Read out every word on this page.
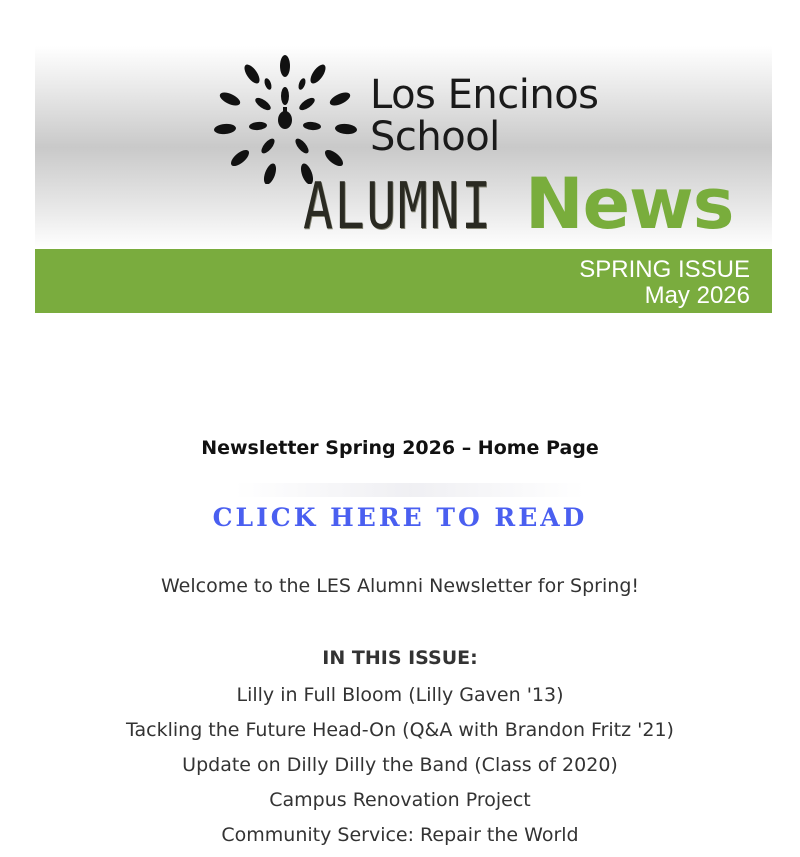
Los Encinos
School
ALUMNI News
SPRING ISSUE
May 2026
Newsletter Spring 2026 – Home Page
CLICK HERE TO READ
Welcome to the LES Alumni Newsletter for Spring!
IN THIS ISSUE:
Lilly in Full Bloom (Lilly Gaven '13)
Tackling the Future Head-On (Q&A with Brandon Fritz '21)
Update on Dilly Dilly the Band (Class of 2020)
Campus Renovation Project
Community Service: Repair the World
